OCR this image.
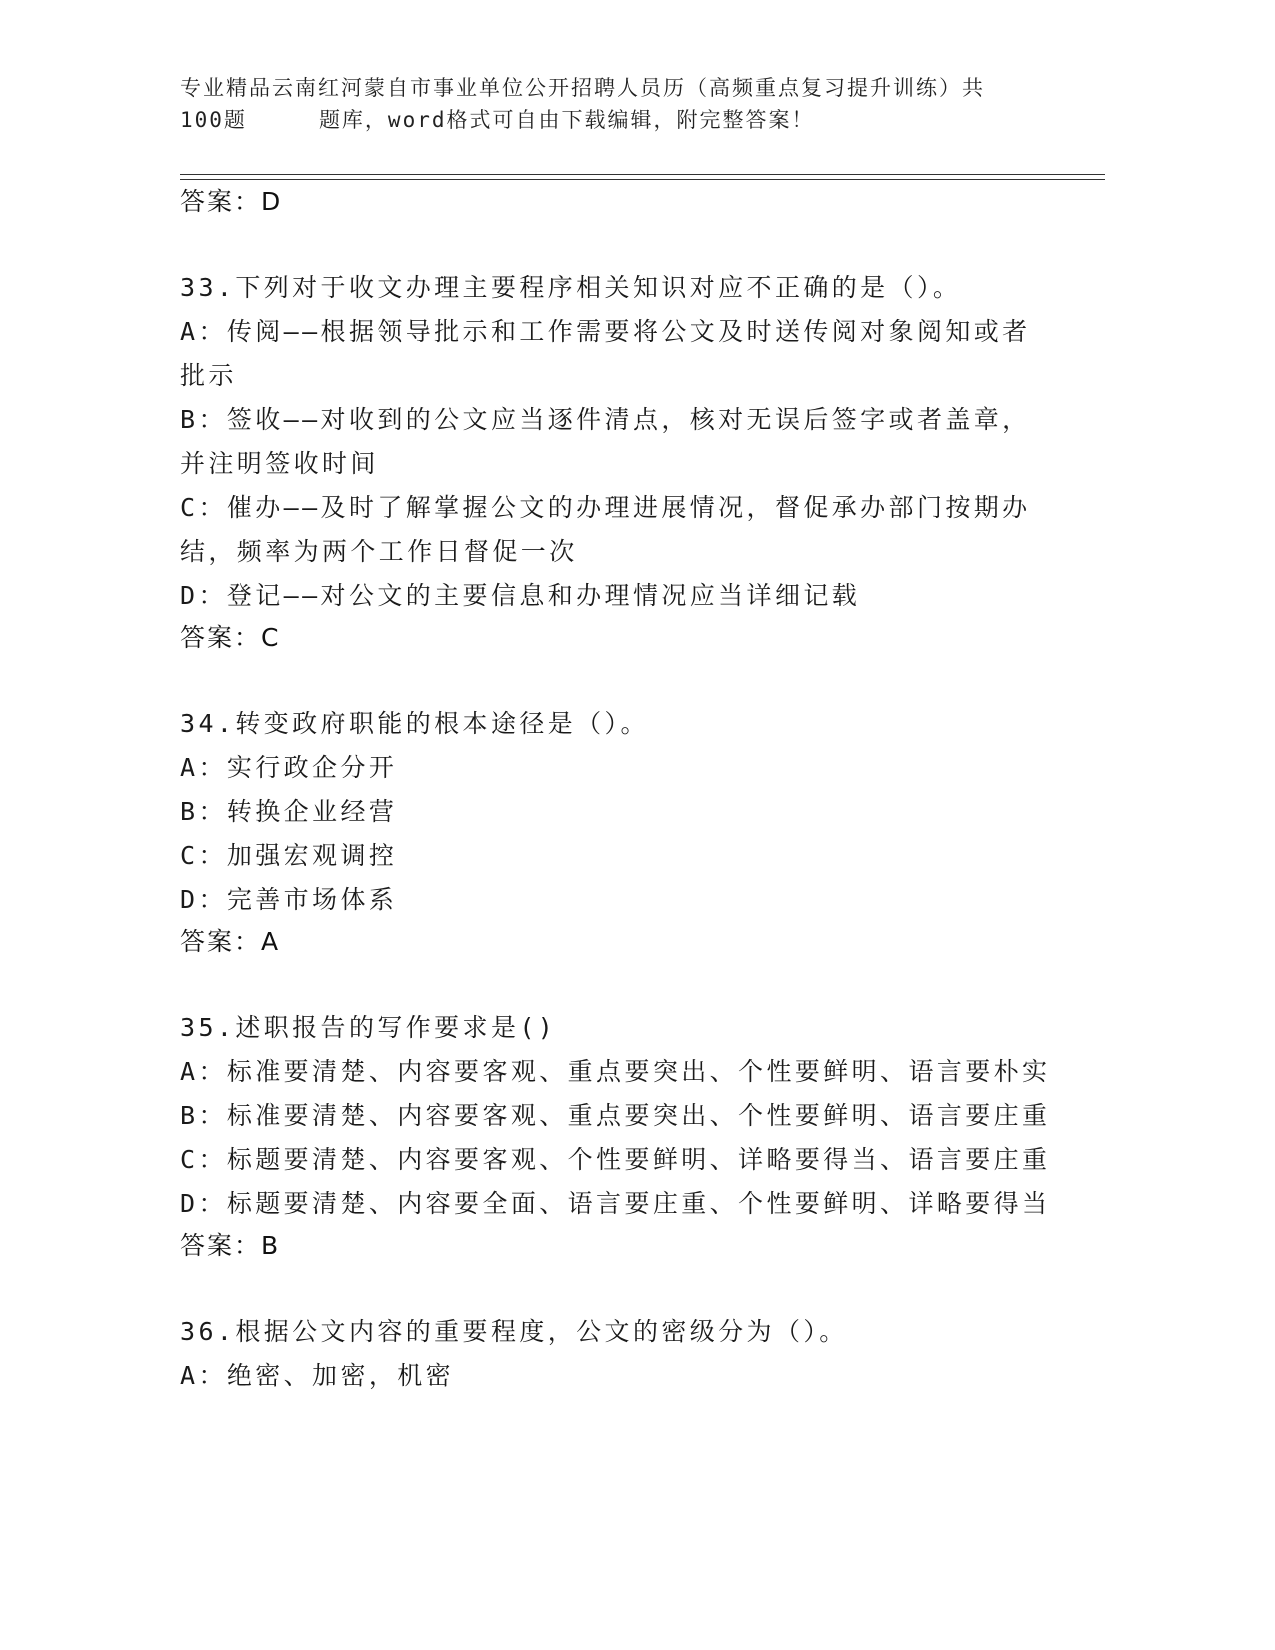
专业精品云南红河蒙自市事业单位公开招聘人员历（高频重点复习提升训练）共
100题	题库，word格式可自由下载编辑，附完整答案！
答案：D
33.下列对于收文办理主要程序相关知识对应不正确的是（）。
A：传阅——根据领导批示和工作需要将公文及时送传阅对象阅知或者
批示
B：签收——对收到的公文应当逐件清点，核对无误后签字或者盖章，
并注明签收时间
C：催办——及时了解掌握公文的办理进展情况，督促承办部门按期办
结，频率为两个工作日督促一次
D：登记——对公文的主要信息和办理情况应当详细记载
答案：C
34.转变政府职能的根本途径是（）。
A：实行政企分开
B：转换企业经营
C：加强宏观调控
D：完善市场体系
答案：A
35.述职报告的写作要求是()
A：标准要清楚、内容要客观、重点要突出、个性要鲜明、语言要朴实
B：标准要清楚、内容要客观、重点要突出、个性要鲜明、语言要庄重
C：标题要清楚、内容要客观、个性要鲜明、详略要得当、语言要庄重
D：标题要清楚、内容要全面、语言要庄重、个性要鲜明、详略要得当
答案：B
36.根据公文内容的重要程度，公文的密级分为（）。
A：绝密、加密，机密
